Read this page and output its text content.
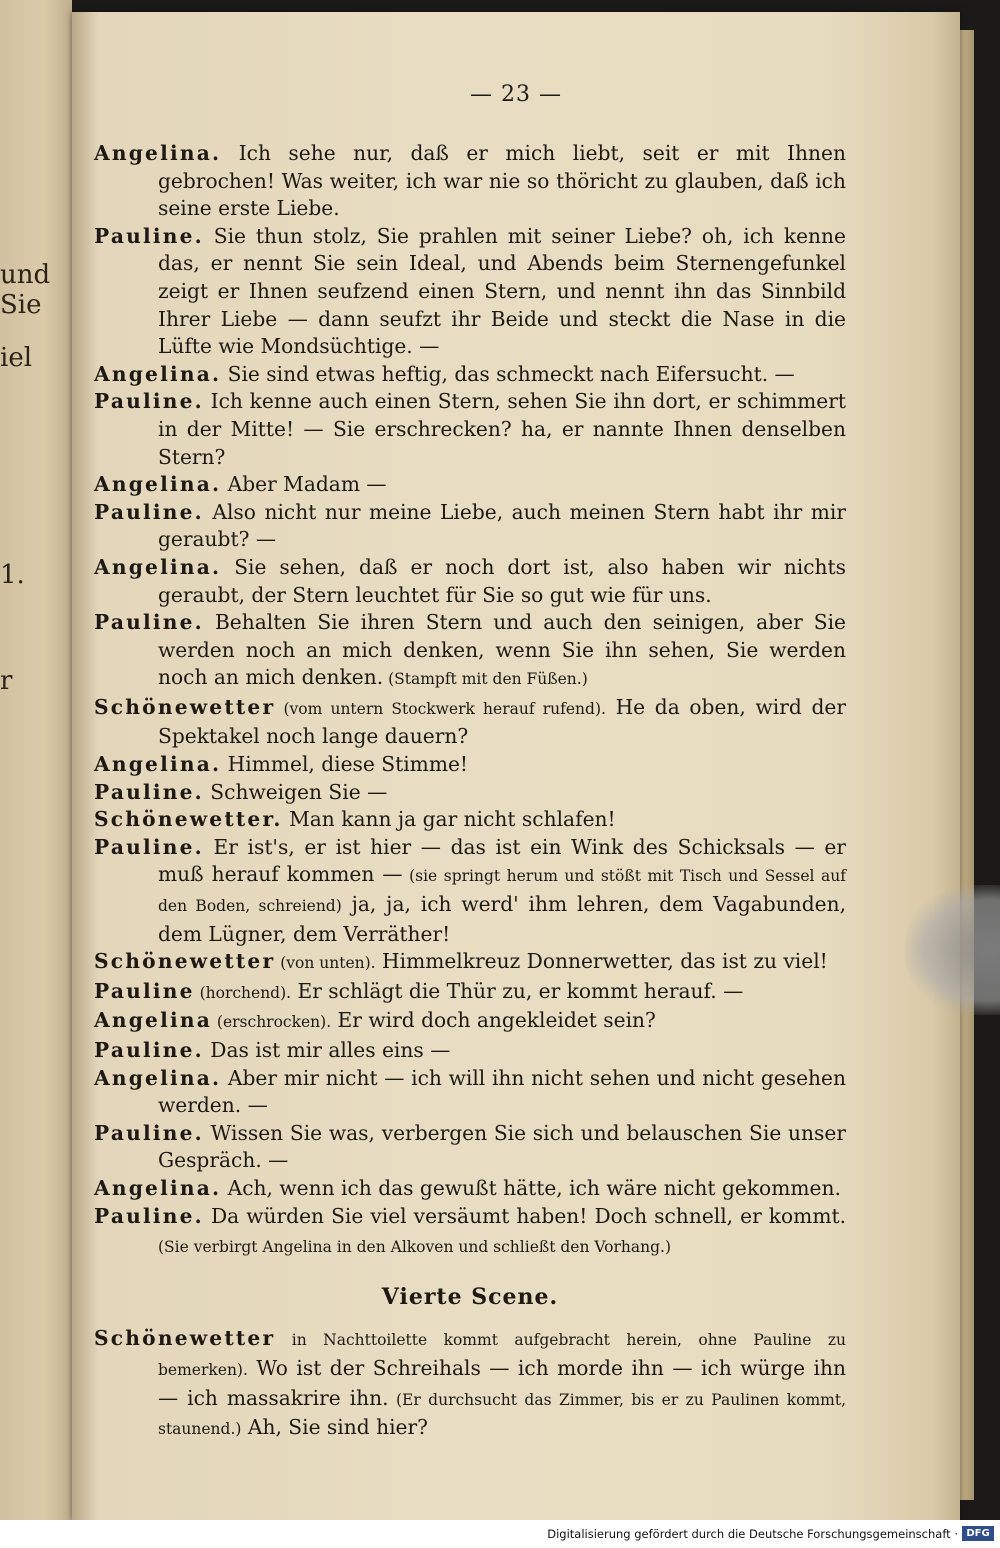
und
Sie
iel
1.
r
— 23 —

Angelina. Ich sehe nur, daß er mich liebt, seit er mit Ihnen gebrochen! Was weiter, ich war nie so thöricht zu glauben, daß ich seine erste Liebe.

Pauline. Sie thun stolz, Sie prahlen mit seiner Liebe? oh, ich kenne das, er nennt Sie sein Ideal, und Abends beim Sternengefunkel zeigt er Ihnen seufzend einen Stern, und nennt ihn das Sinnbild Ihrer Liebe — dann seufzt ihr Beide und steckt die Nase in die Lüfte wie Mondsüchtige. —

Angelina. Sie sind etwas heftig, das schmeckt nach Eifersucht. —

Pauline. Ich kenne auch einen Stern, sehen Sie ihn dort, er schimmert in der Mitte! — Sie erschrecken? ha, er nannte Ihnen denselben Stern?

Angelina. Aber Madam —

Pauline. Also nicht nur meine Liebe, auch meinen Stern habt ihr mir geraubt? —

Angelina. Sie sehen, daß er noch dort ist, also haben wir nichts geraubt, der Stern leuchtet für Sie so gut wie für uns.

Pauline. Behalten Sie ihren Stern und auch den seinigen, aber Sie werden noch an mich denken, wenn Sie ihn sehen, Sie werden noch an mich denken. (Stampft mit den Füßen.)

Schönewetter (vom untern Stockwerk herauf rufend). He da oben, wird der Spektakel noch lange dauern?

Angelina. Himmel, diese Stimme!

Pauline. Schweigen Sie —

Schönewetter. Man kann ja gar nicht schlafen!

Pauline. Er ist's, er ist hier — das ist ein Wink des Schicksals — er muß herauf kommen — (sie springt herum und stößt mit Tisch und Sessel auf den Boden, schreiend) ja, ja, ich werd' ihm lehren, dem Vagabunden, dem Lügner, dem Verräther!

Schönewetter (von unten). Himmelkreuz Donnerwetter, das ist zu viel!

Pauline (horchend). Er schlägt die Thür zu, er kommt herauf. —

Angelina (erschrocken). Er wird doch angekleidet sein?

Pauline. Das ist mir alles eins —

Angelina. Aber mir nicht — ich will ihn nicht sehen und nicht gesehen werden. —

Pauline. Wissen Sie was, verbergen Sie sich und belauschen Sie unser Gespräch. —

Angelina. Ach, wenn ich das gewußt hätte, ich wäre nicht gekommen.

Pauline. Da würden Sie viel versäumt haben! Doch schnell, er kommt. (Sie verbirgt Angelina in den Alkoven und schließt den Vorhang.)

Vierte Scene.

Schönewetter in Nachttoilette kommt aufgebracht herein, ohne Pauline zu bemerken). Wo ist der Schreihals — ich morde ihn — ich würge ihn — ich massakrire ihn. (Er durchsucht das Zimmer, bis er zu Paulinen kommt, staunend.) Ah, Sie sind hier?

Digitalisierung gefördert durch die Deutsche Forschungsgemeinschaft · DFG
